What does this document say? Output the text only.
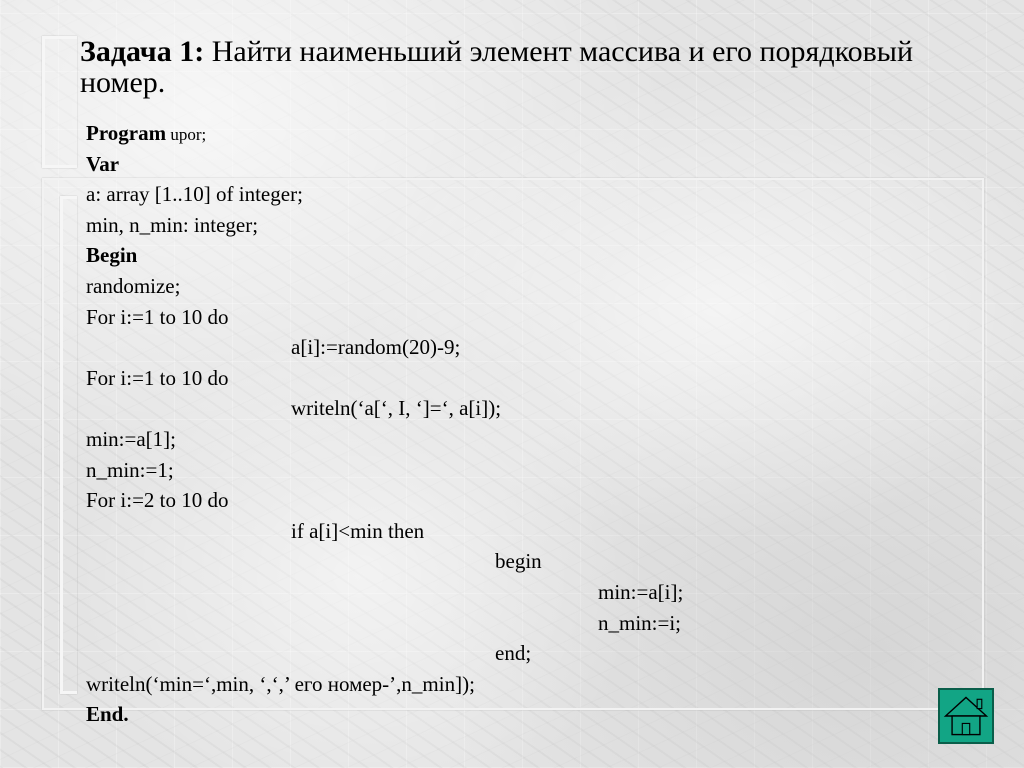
Задача 1: Найти наименьший элемент массива и его порядковый номер.
Program upor;
Var
a: array [1..10] of integer;
min, n_min: integer;
Begin
randomize;
For i:=1 to 10 do
a[i]:=random(20)-9;
For i:=1 to 10 do
writeln(‘a[‘, I, ‘]=‘, a[i]);
min:=a[1];
n_min:=1;
For i:=2 to 10 do
if a[i]<min then
begin
min:=a[i];
n_min:=i;
end;
writeln(‘min=‘,min, ‘,‘,’ его номер-’,n_min]);
End.
